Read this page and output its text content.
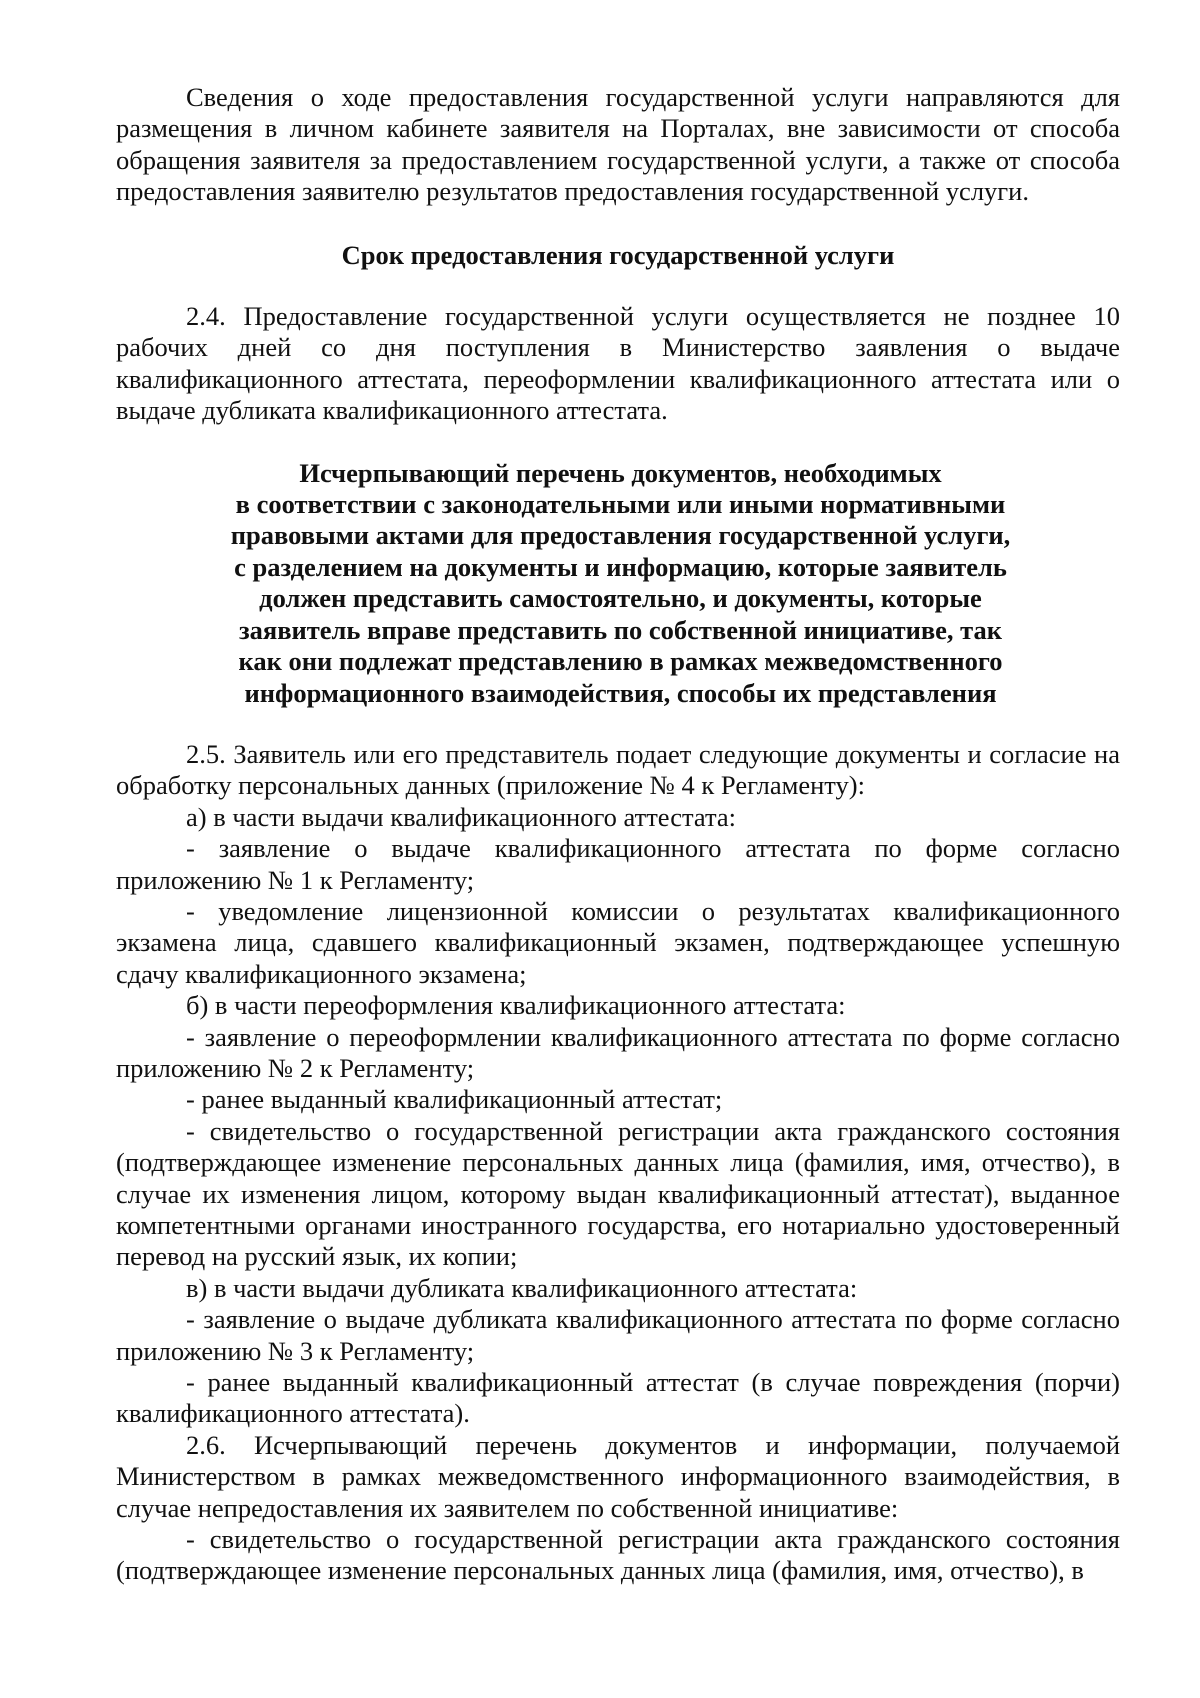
Сведения о ходе предоставления государственной услуги направляются для размещения в личном кабинете заявителя на Порталах, вне зависимости от способа обращения заявителя за предоставлением государственной услуги, а также от способа предоставления заявителю результатов предоставления государственной услуги.

Срок предоставления государственной услуги

2.4. Предоставление государственной услуги осуществляется не позднее 10 рабочих дней со дня поступления в Министерство заявления о выдаче квалификационного аттестата, переоформлении квалификационного аттестата или о выдаче дубликата квалификационного аттестата.

Исчерпывающий перечень документов, необходимых
в соответствии с законодательными или иными нормативными
правовыми актами для предоставления государственной услуги,
с разделением на документы и информацию, которые заявитель
должен представить самостоятельно, и документы, которые
заявитель вправе представить по собственной инициативе, так
как они подлежат представлению в рамках межведомственного
информационного взаимодействия, способы их представления

2.5. Заявитель или его представитель подает следующие документы и согласие на обработку персональных данных (приложение № 4 к Регламенту):

а) в части выдачи квалификационного аттестата:

- заявление о выдаче квалификационного аттестата по форме согласно приложению № 1 к Регламенту;

- уведомление лицензионной комиссии о результатах квалификационного экзамена лица, сдавшего квалификационный экзамен, подтверждающее успешную сдачу квалификационного экзамена;

б) в части переоформления квалификационного аттестата:

- заявление о переоформлении квалификационного аттестата по форме согласно приложению № 2 к Регламенту;

- ранее выданный квалификационный аттестат;

- свидетельство о государственной регистрации акта гражданского состояния (подтверждающее изменение персональных данных лица (фамилия, имя, отчество), в случае их изменения лицом, которому выдан квалификационный аттестат), выданное компетентными органами иностранного государства, его нотариально удостоверенный перевод на русский язык, их копии;

в) в части выдачи дубликата квалификационного аттестата:

- заявление о выдаче дубликата квалификационного аттестата по форме согласно приложению № 3 к Регламенту;

- ранее выданный квалификационный аттестат (в случае повреждения (порчи) квалификационного аттестата).

2.6. Исчерпывающий перечень документов и информации, получаемой Министерством в рамках межведомственного информационного взаимодействия, в случае непредоставления их заявителем по собственной инициативе:

- свидетельство о государственной регистрации акта гражданского состояния (подтверждающее изменение персональных данных лица (фамилия, имя, отчество), в
